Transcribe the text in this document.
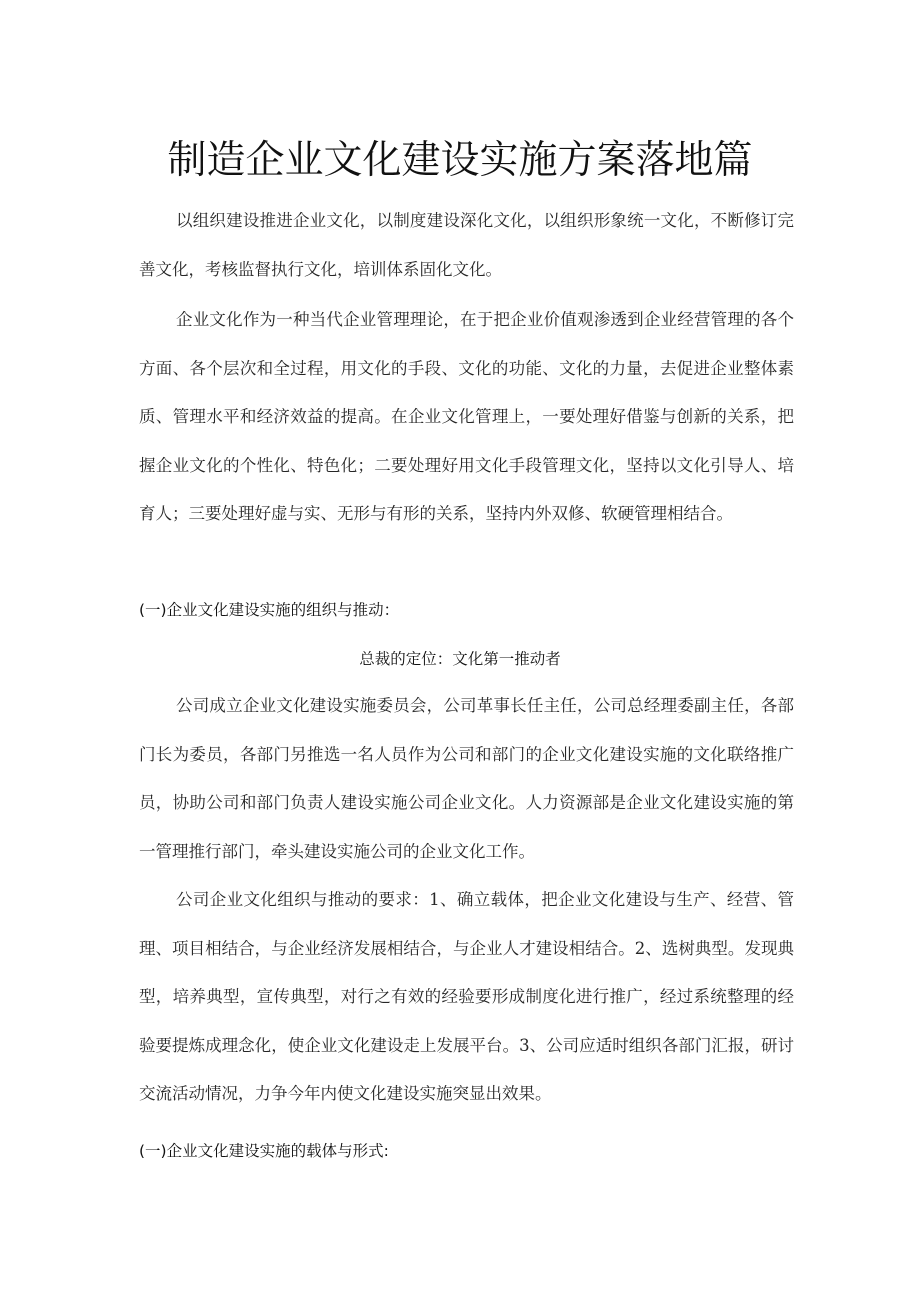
制造企业文化建设实施方案落地篇

以组织建设推进企业文化，以制度建设深化文化，以组织形象统一文化，不断修订完善文化，考核监督执行文化，培训体系固化文化。

企业文化作为一种当代企业管理理论，在于把企业价值观渗透到企业经营管理的各个方面、各个层次和全过程，用文化的手段、文化的功能、文化的力量，去促进企业整体素质、管理水平和经济效益的提高。在企业文化管理上，一要处理好借鉴与创新的关系，把握企业文化的个性化、特色化；二要处理好用文化手段管理文化，坚持以文化引导人、培育人；三要处理好虚与实、无形与有形的关系，坚持内外双修、软硬管理相结合。

(一)企业文化建设实施的组织与推动：
总裁的定位：文化第一推动者

公司成立企业文化建设实施委员会，公司革事长任主任，公司总经理委副主任，各部门长为委员，各部门另推选一名人员作为公司和部门的企业文化建设实施的文化联络推广员，协助公司和部门负责人建设实施公司企业文化。人力资源部是企业文化建设实施的第一管理推行部门，牵头建设实施公司的企业文化工作。

公司企业文化组织与推动的要求：1、确立载体，把企业文化建设与生产、经营、管理、项目相结合，与企业经济发展相结合，与企业人才建设相结合。2、选树典型。发现典型，培养典型，宣传典型，对行之有效的经验要形成制度化进行推广，经过系统整理的经验要提炼成理念化，使企业文化建设走上发展平台。3、公司应适时组织各部门汇报，研讨交流活动情况，力争今年内使文化建设实施突显出效果。

(一)企业文化建设实施的载体与形式:
